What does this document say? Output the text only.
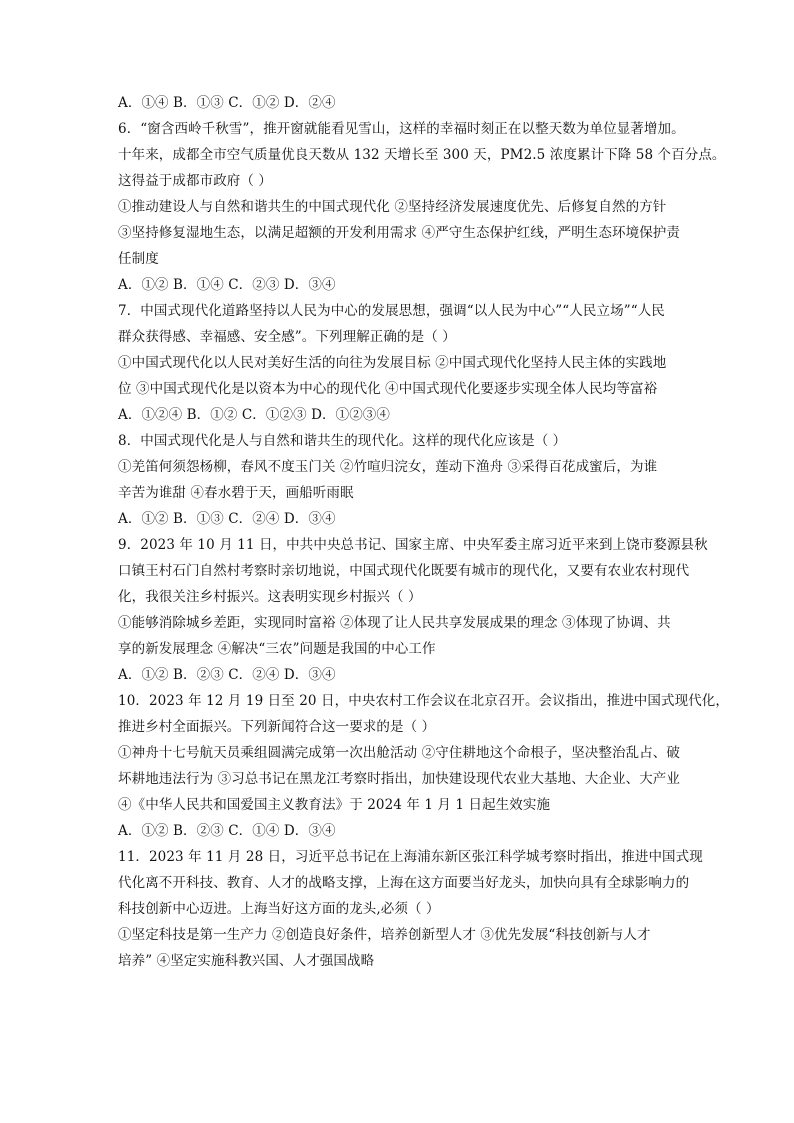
A．①④ B．①③ C．①② D．②④
6．“窗含西岭千秋雪”，推开窗就能看见雪山，这样的幸福时刻正在以整天数为单位显著增加。
十年来，成都全市空气质量优良天数从 132 天增长至 300 天，PM2.5 浓度累计下降 58 个百分点。
这得益于成都市政府（ ）
①推动建设人与自然和谐共生的中国式现代化 ②坚持经济发展速度优先、后修复自然的方针
③坚持修复湿地生态，以满足超额的开发利用需求 ④严守生态保护红线，严明生态环境保护责
任制度
A．①② B．①④ C．②③ D．③④
7．中国式现代化道路坚持以人民为中心的发展思想，强调“以人民为中心”“人民立场”“人民
群众获得感、幸福感、安全感”。下列理解正确的是（ ）
①中国式现代化以人民对美好生活的向往为发展目标 ②中国式现代化坚持人民主体的实践地
位 ③中国式现代化是以资本为中心的现代化 ④中国式现代化要逐步实现全体人民均等富裕
A．①②④ B．①② C．①②③ D．①②③④
8．中国式现代化是人与自然和谐共生的现代化。这样的现代化应该是（ ）
①羌笛何须怨杨柳，春风不度玉门关 ②竹喧归浣女，莲动下渔舟 ③采得百花成蜜后，为谁
辛苦为谁甜 ④春水碧于天，画船听雨眠
A．①② B．①③ C．②④ D．③④
9．2023 年 10 月 11 日，中共中央总书记、国家主席、中央军委主席习近平来到上饶市婺源县秋
口镇王村石门自然村考察时亲切地说，中国式现代化既要有城市的现代化，又要有农业农村现代
化，我很关注乡村振兴。这表明实现乡村振兴（ ）
①能够消除城乡差距，实现同时富裕 ②体现了让人民共享发展成果的理念 ③体现了协调、共
享的新发展理念 ④解决“三农”问题是我国的中心工作
A．①② B．②③ C．②④ D．③④
10．2023 年 12 月 19 日至 20 日，中央农村工作会议在北京召开。会议指出，推进中国式现代化，
推进乡村全面振兴。下列新闻符合这一要求的是（ ）
①神舟十七号航天员乘组圆满完成第一次出舱活动 ②守住耕地这个命根子，坚决整治乱占、破
坏耕地违法行为 ③习总书记在黑龙江考察时指出，加快建设现代农业大基地、大企业、大产业
④《中华人民共和国爱国主义教育法》于 2024 年 1 月 1 日起生效实施
A．①② B．②③ C．①④ D．③④
11．2023 年 11 月 28 日，习近平总书记在上海浦东新区张江科学城考察时指出，推进中国式现
代化离不开科技、教育、人才的战略支撑，上海在这方面要当好龙头，加快向具有全球影响力的
科技创新中心迈进。上海当好这方面的龙头,必须（ ）
①坚定科技是第一生产力 ②创造良好条件，培养创新型人才 ③优先发展“科技创新与人才
培养” ④坚定实施科教兴国、人才强国战略
